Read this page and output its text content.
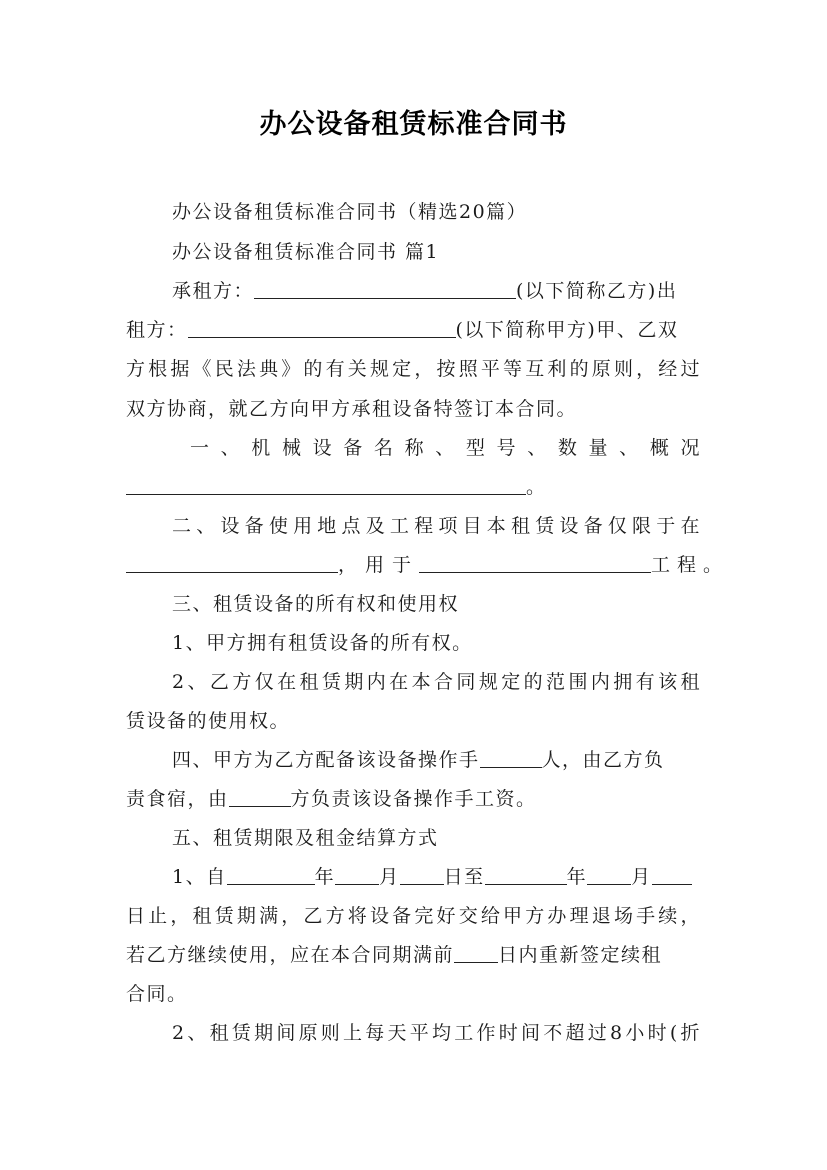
办公设备租赁标准合同书
办公设备租赁标准合同书（精选20篇）
办公设备租赁标准合同书 篇1
承租方：	(以下简称乙方)出
租方：	(以下简称甲方)甲、乙双
方根据《民法典》的有关规定，按照平等互利的原则，经过
双方协商，就乙方向甲方承租设备特签订本合同。
一、机械设备名称、型号、数量、概况
。
二、设备使用地点及工程项目本租赁设备仅限于在
，用于	工程。
三、租赁设备的所有权和使用权
1、甲方拥有租赁设备的所有权。
2、乙方仅在租赁期内在本合同规定的范围内拥有该租
赁设备的使用权。
四、甲方为乙方配备该设备操作手	人，由乙方负
责食宿，由	方负责该设备操作手工资。
五、租赁期限及租金结算方式
1、自	年 月 日至	年 月
日止，租赁期满，乙方将设备完好交给甲方办理退场手续，
若乙方继续使用，应在本合同期满前 日内重新签定续租
合同。
2、租赁期间原则上每天平均工作时间不超过8小时(折
